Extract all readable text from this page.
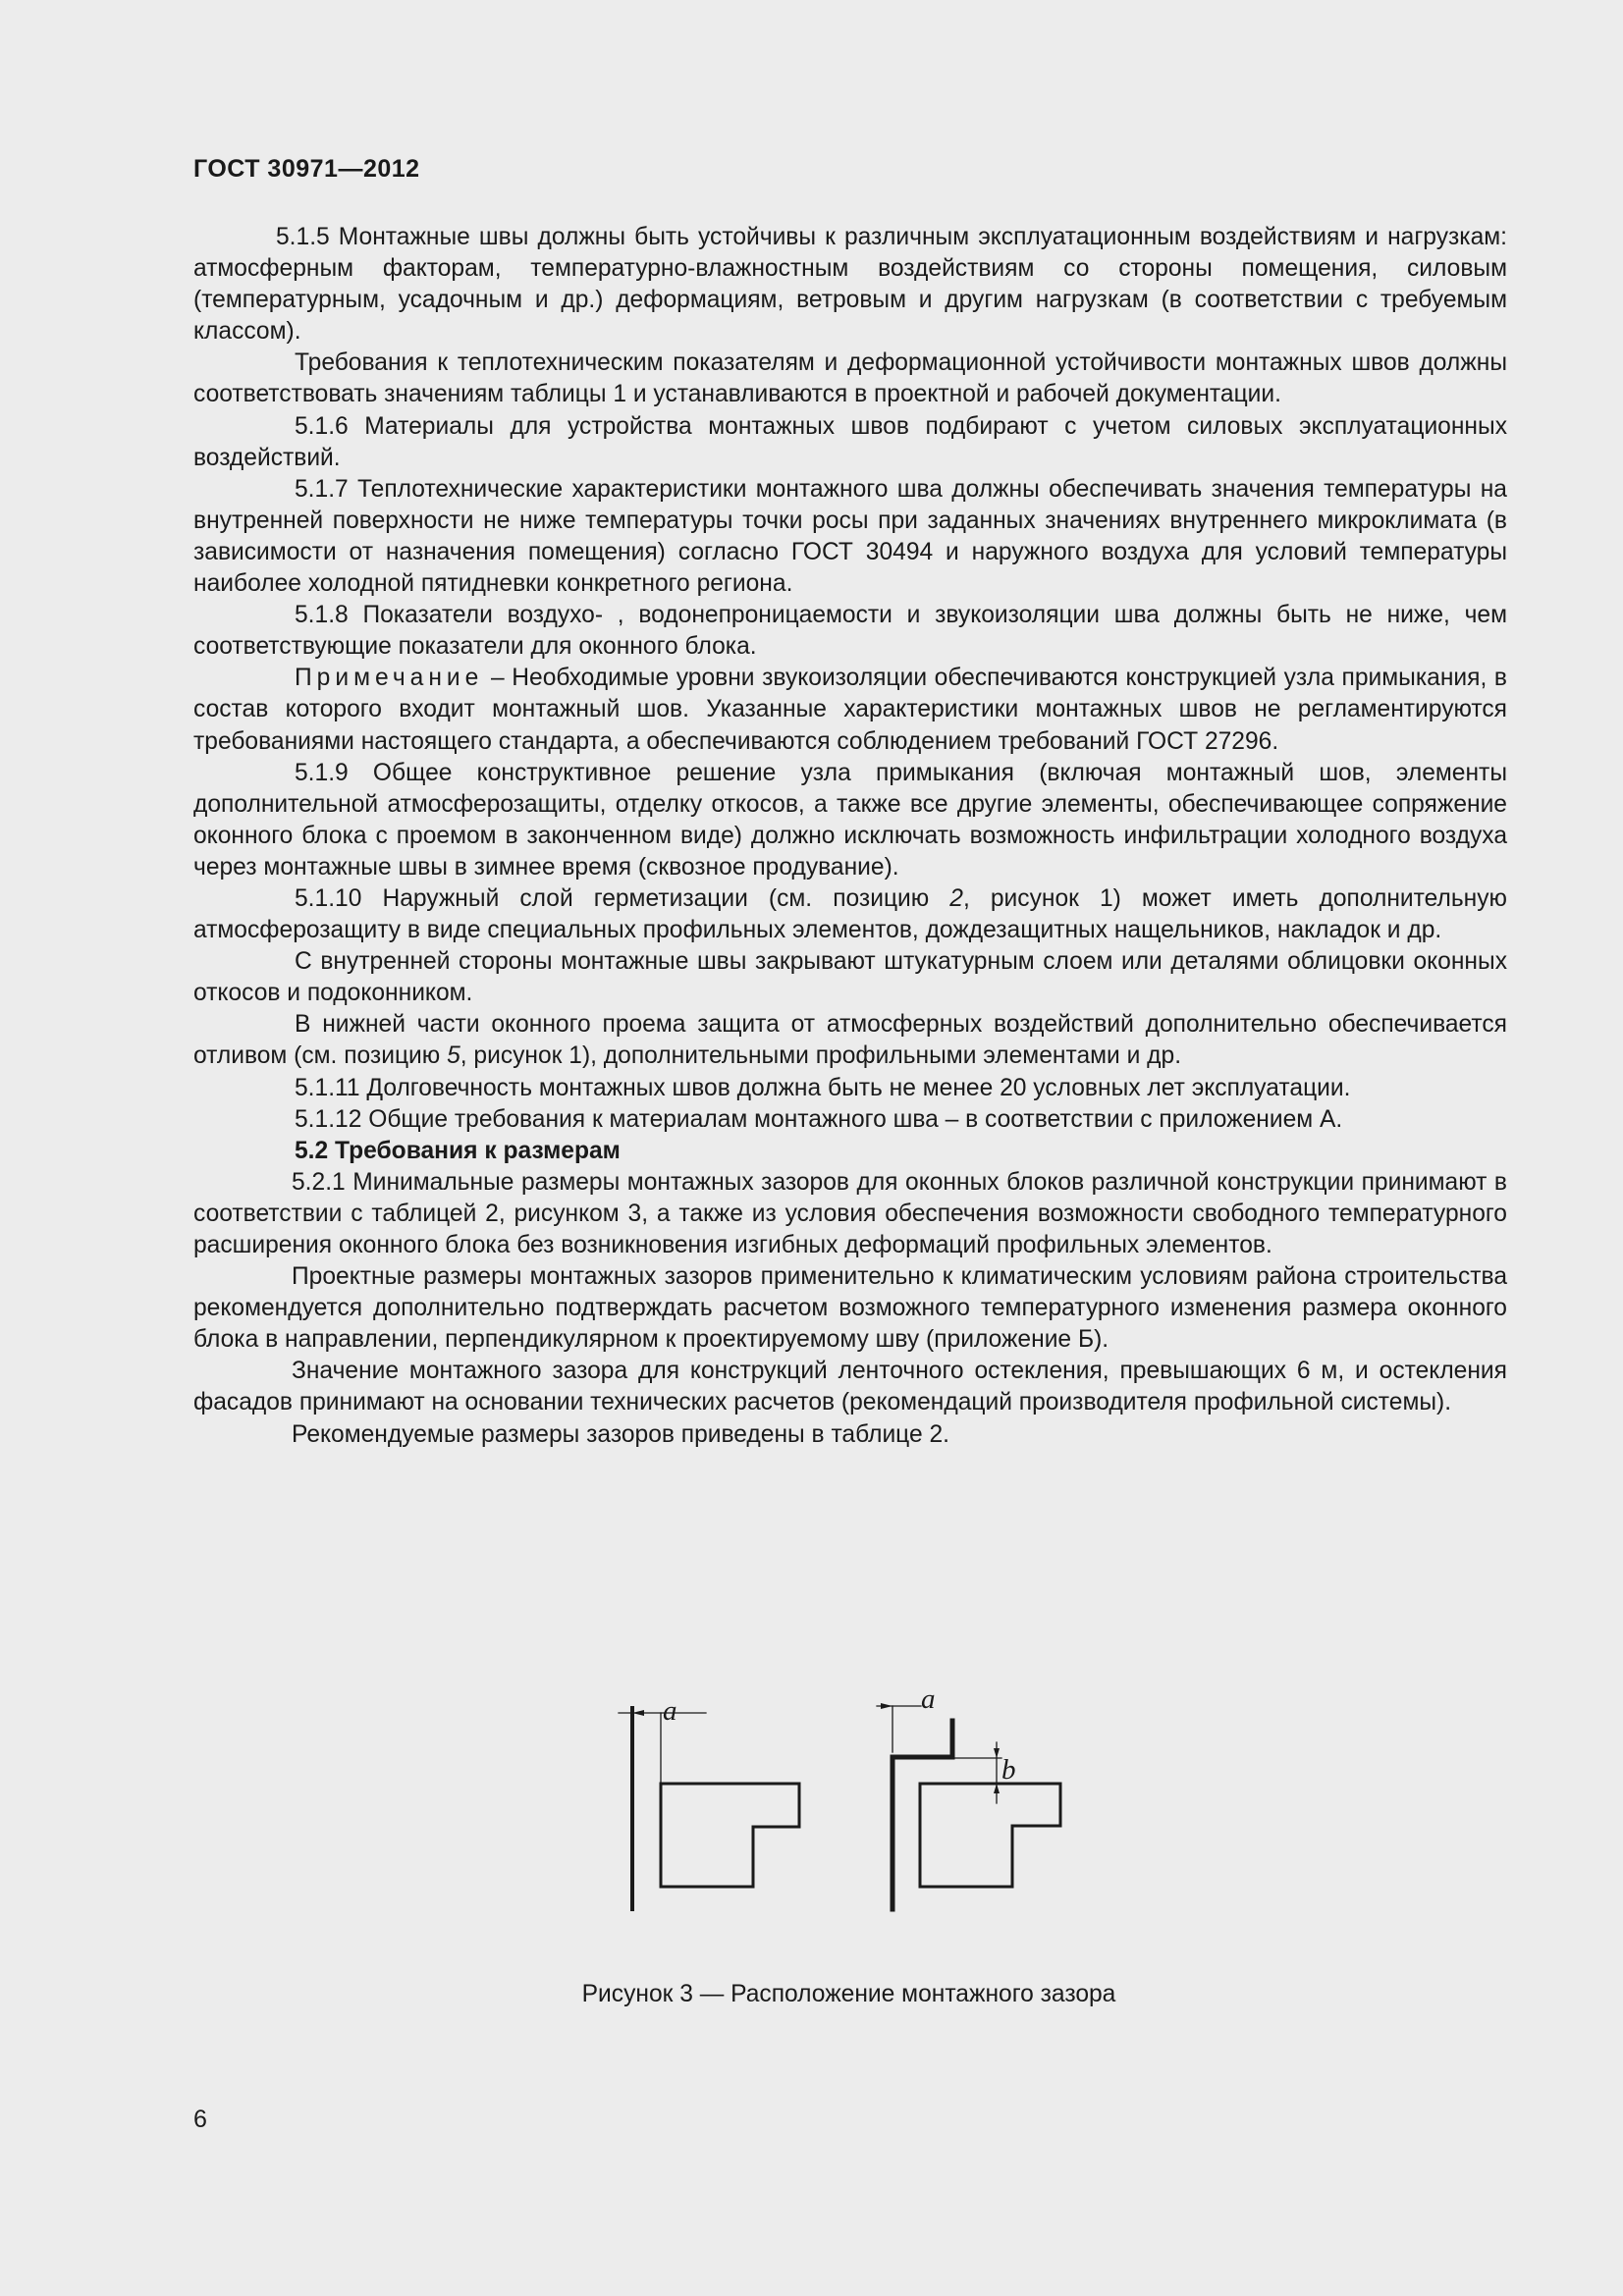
ГОСТ 30971—2012

5.1.5 Монтажные швы должны быть устойчивы к различным эксплуатационным воздействиям и нагрузкам: атмосферным факторам, температурно-влажностным воздействиям со стороны помещения, силовым (температурным, усадочным и др.) деформациям, ветровым и другим нагрузкам (в соответствии с требуемым классом).

Требования к теплотехническим показателям и деформационной устойчивости монтажных швов должны соответствовать значениям таблицы 1 и устанавливаются в проектной и рабочей документации.

5.1.6 Материалы для устройства монтажных швов подбирают с учетом силовых эксплуатационных воздействий.

5.1.7 Теплотехнические характеристики монтажного шва должны обеспечивать значения температуры на внутренней поверхности не ниже температуры точки росы при заданных значениях внутреннего микроклимата (в зависимости от назначения помещения) согласно ГОСТ 30494 и наружного воздуха для условий температуры наиболее холодной пятидневки конкретного региона.

5.1.8 Показатели воздухо- , водонепроницаемости и звукоизоляции шва должны быть не ниже, чем соответствующие показатели для оконного блока.

Примечание – Необходимые уровни звукоизоляции обеспечиваются конструкцией узла примыкания, в состав которого входит монтажный шов. Указанные характеристики монтажных швов не регламентируются требованиями настоящего стандарта, а обеспечиваются соблюдением требований ГОСТ 27296.

5.1.9 Общее конструктивное решение узла примыкания (включая монтажный шов, элементы дополнительной атмосферозащиты, отделку откосов, а также все другие элементы, обеспечивающее сопряжение оконного блока с проемом в законченном виде) должно исключать возможность инфильтрации холодного воздуха через монтажные швы в зимнее время (сквозное продувание).

5.1.10 Наружный слой герметизации (см. позицию 2, рисунок 1) может иметь дополнительную атмосферозащиту в виде специальных профильных элементов, дождезащитных нащельников, накладок и др.

С внутренней стороны монтажные швы закрывают штукатурным слоем или деталями облицовки оконных откосов и подоконником.

В нижней части оконного проема защита от атмосферных воздействий дополнительно обеспечивается отливом (см. позицию 5, рисунок 1), дополнительными профильными элементами и др.

5.1.11 Долговечность монтажных швов должна быть не менее 20 условных лет эксплуатации.

5.1.12 Общие требования к материалам монтажного шва – в соответствии с приложением А.

5.2 Требования к размерам

5.2.1 Минимальные размеры монтажных зазоров для оконных блоков различной конструкции принимают в соответствии с таблицей 2, рисунком 3, а также из условия обеспечения возможности свободного температурного расширения оконного блока без возникновения изгибных деформаций профильных элементов.

Проектные размеры монтажных зазоров применительно к климатическим условиям района строительства рекомендуется дополнительно подтверждать расчетом возможного температурного изменения размера оконного блока в направлении, перпендикулярном к проектируемому шву (приложение Б).

Значение монтажного зазора для конструкций ленточного остекления, превышающих 6 м, и остекления фасадов принимают на основании технических расчетов (рекомендаций производителя профильной системы).

Рекомендуемые размеры зазоров приведены в таблице 2.

a	a
b
Рисунок 3 — Расположение монтажного зазора
6
